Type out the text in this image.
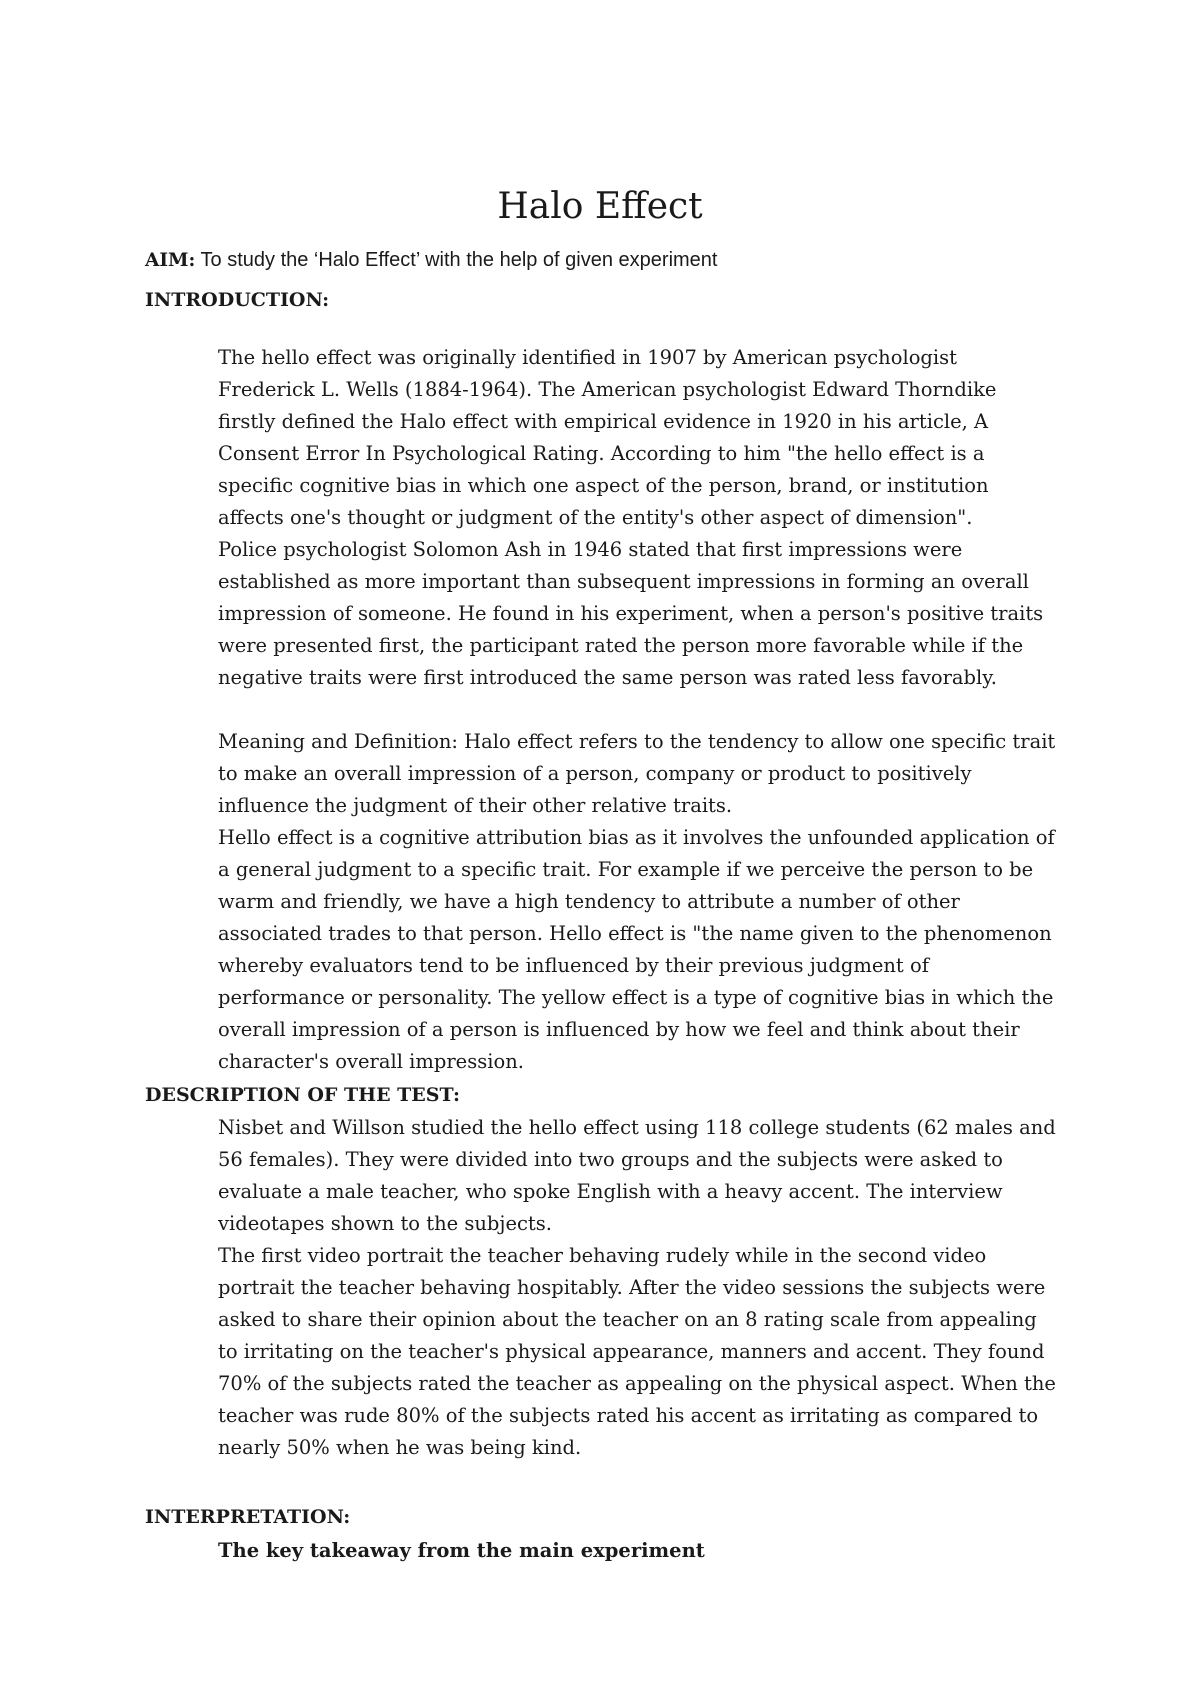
Halo Effect
AIM: To study the ‘Halo Effect’ with the help of given experiment
INTRODUCTION:

The hello effect was originally identified in 1907 by American psychologist Frederick L. Wells (1884-1964). The American psychologist Edward Thorndike firstly defined the Halo effect with empirical evidence in 1920 in his article, A Consent Error In Psychological Rating. According to him "the hello effect is a specific cognitive bias in which one aspect of the person, brand, or institution affects one's thought or judgment of the entity's other aspect of dimension".

Police psychologist Solomon Ash in 1946 stated that first impressions were established as more important than subsequent impressions in forming an overall impression of someone. He found in his experiment, when a person's positive traits were presented first, the participant rated the person more favorable while if the negative traits were first introduced the same person was rated less favorably.

Meaning and Definition: Halo effect refers to the tendency to allow one specific trait to make an overall impression of a person, company or product to positively influence the judgment of their other relative traits.

Hello effect is a cognitive attribution bias as it involves the unfounded application of a general judgment to a specific trait. For example if we perceive the person to be warm and friendly, we have a high tendency to attribute a number of other associated trades to that person. Hello effect is "the name given to the phenomenon whereby evaluators tend to be influenced by their previous judgment of performance or personality. The yellow effect is a type of cognitive bias in which the overall impression of a person is influenced by how we feel and think about their character's overall impression.

DESCRIPTION OF THE TEST:

Nisbet and Willson studied the hello effect using 118 college students (62 males and 56 females). They were divided into two groups and the subjects were asked to evaluate a male teacher, who spoke English with a heavy accent. The interview videotapes shown to the subjects.

The first video portrait the teacher behaving rudely while in the second video portrait the teacher behaving hospitably. After the video sessions the subjects were asked to share their opinion about the teacher on an 8 rating scale from appealing to irritating on the teacher's physical appearance, manners and accent. They found 70% of the subjects rated the teacher as appealing on the physical aspect. When the teacher was rude 80% of the subjects rated his accent as irritating as compared to nearly 50% when he was being kind.

INTERPRETATION:

The key takeaway from the main experiment
